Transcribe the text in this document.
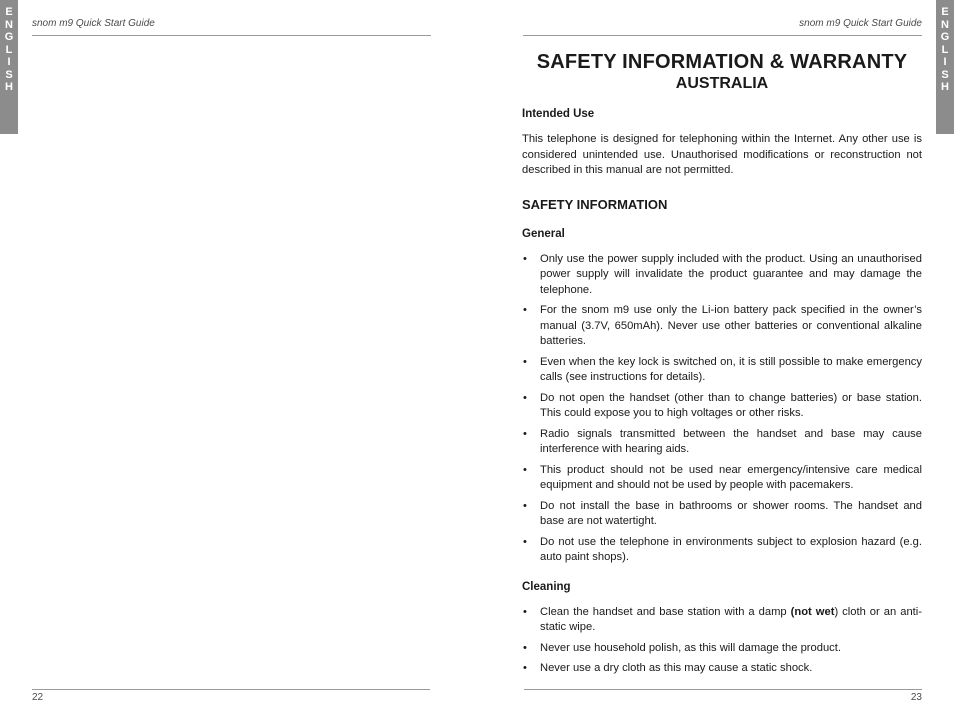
E
N
G
L
I
S
H
E
N
G
L
I
S
H
snom m9 Quick Start Guide	snom m9 Quick Start Guide
22	23
SAFETY INFORMATION & WARRANTY
AUSTRALIA
Intended Use

This telephone is designed for telephoning within the Internet. Any other use is considered unintended use. Unauthorised modifications or reconstruction not described in this manual are not permitted.

SAFETY INFORMATION
General
• Only use the power supply included with the product. Using an unauthorised power supply will invalidate the product guarantee and may damage the telephone.
• For the snom m9 use only the Li-ion battery pack specified in the owner’s manual (3.7V, 650mAh). Never use other batteries or conventional alkaline batteries.
• Even when the key lock is switched on, it is still possible to make emergency calls (see instructions for details).
• Do not open the handset (other than to change batteries) or base station. This could expose you to high voltages or other risks.
• Radio signals transmitted between the handset and base may cause interference with hearing aids.
• This product should not be used near emergency/intensive care medical equipment and should not be used by people with pacemakers.
• Do not install the base in bathrooms or shower rooms. The handset and base are not watertight.
• Do not use the telephone in environments subject to explosion hazard (e.g. auto paint shops).
Cleaning
• Clean the handset and base station with a damp (not wet) cloth or an anti-static wipe.
• Never use household polish, as this will damage the product.
• Never use a dry cloth as this may cause a static shock.
